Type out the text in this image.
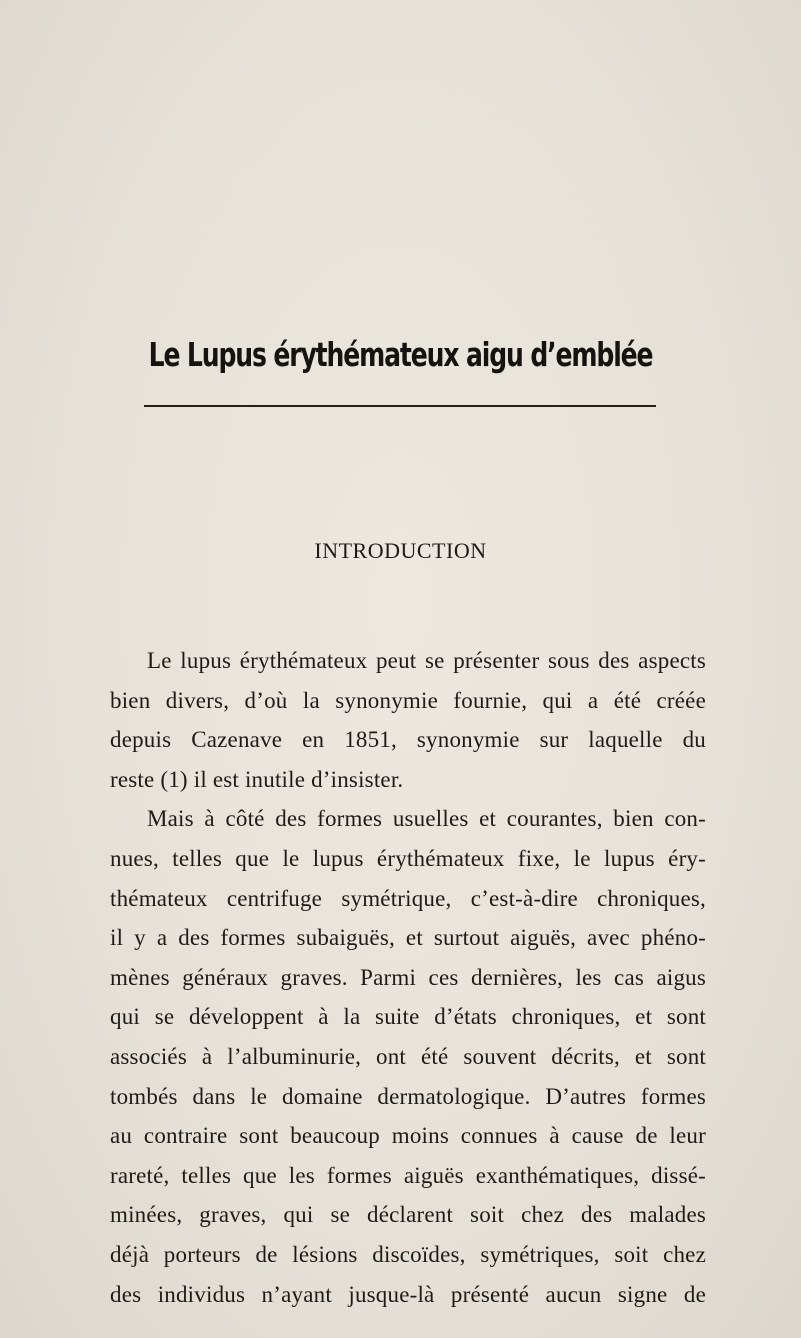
Le Lupus érythémateux aigu d’emblée
INTRODUCTION
Le lupus érythémateux peut se présenter sous des aspects
bien divers, d’où la synonymie fournie, qui a été créée
depuis Cazenave en 1851, synonymie sur laquelle du
reste (1) il est inutile d’insister.
Mais à côté des formes usuelles et courantes, bien con-
nues, telles que le lupus érythémateux fixe, le lupus éry-
thémateux centrifuge symétrique, c’est-à-dire chroniques,
il y a des formes subaiguës, et surtout aiguës, avec phéno-
mènes généraux graves. Parmi ces dernières, les cas aigus
qui se développent à la suite d’états chroniques, et sont
associés à l’albuminurie, ont été souvent décrits, et sont
tombés dans le domaine dermatologique. D’autres formes
au contraire sont beaucoup moins connues à cause de leur
rareté, telles que les formes aiguës exanthématiques, dissé-
minées, graves, qui se déclarent soit chez des malades
déjà porteurs de lésions discoïdes, symétriques, soit chez
des individus n’ayant jusque-là présenté aucun signe de
